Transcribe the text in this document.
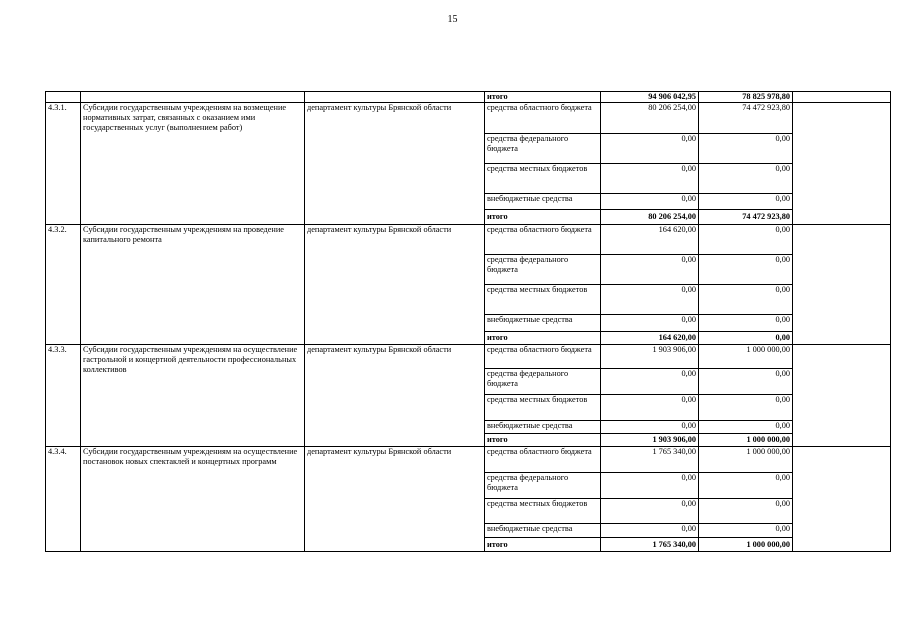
15
			итого	94 906 042,95	78 825 978,80	
4.3.1.	Субсидии государственным учреждениям на возмещение нормативных затрат, связанных с оказанием ими государственных услуг (выполнением работ)	департамент культуры Брянской области	средства областного бюджета	80 206 254,00	74 472 923,80	
			средства федерального бюджета	0,00	0,00	
			средства местных бюджетов	0,00	0,00	
			внебюджетные средства	0,00	0,00	
			итого	80 206 254,00	74 472 923,80	
4.3.2.	Субсидии государственным учреждениям на проведение капитального ремонта	департамент культуры Брянской области	средства областного бюджета	164 620,00	0,00	
			средства федерального бюджета	0,00	0,00	
			средства местных бюджетов	0,00	0,00	
			внебюджетные средства	0,00	0,00	
			итого	164 620,00	0,00	
4.3.3.	Субсидии государственным учреждениям на осуществление гастрольной и концертной деятельности профессиональных коллективов	департамент культуры Брянской области	средства областного бюджета	1 903 906,00	1 000 000,00	
			средства федерального бюджета	0,00	0,00	
			средства местных бюджетов	0,00	0,00	
			внебюджетные средства	0,00	0,00	
			итого	1 903 906,00	1 000 000,00	
4.3.4.	Субсидии государственным учреждениям на осуществление постановок новых спектаклей и концертных программ	департамент культуры Брянской области	средства областного бюджета	1 765 340,00	1 000 000,00	
			средства федерального бюджета	0,00	0,00	
			средства местных бюджетов	0,00	0,00	
			внебюджетные средства	0,00	0,00	
			итого	1 765 340,00	1 000 000,00	
